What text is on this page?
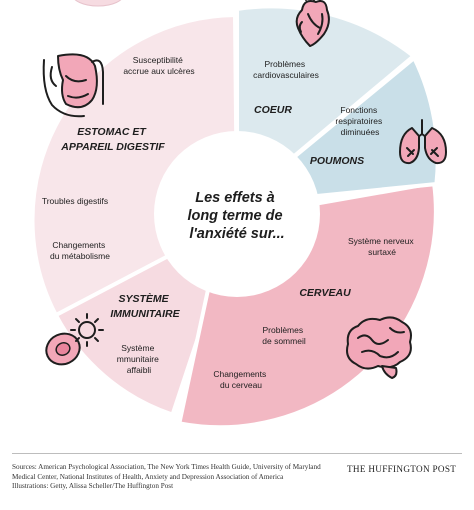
Les effets à long terme de l'anxiété sur...
Susceptibilité accrue aux ulcères
ESTOMAC ET APPAREIL DIGESTIF
Troubles digestifs
Changements du métabolisme
Problèmes cardiovasculaires
COEUR	Fonctions respiratoires diminuées
POUMONS
Système nerveux surtaxé
CERVEAU
Problèmes de sommeil
Changements du cerveau
SYSTÈME IMMUNITAIRE
Système mmunitaire affaibli
Sources: American Psychological Association, The New York Times Health Guide, University of Maryland
Medical Center, National Institutes of Health, Anxiety and Depression Association of America
Illustrations: Getty, Alissa Scheller/The Huffington Post
THE HUFFINGTON POST
